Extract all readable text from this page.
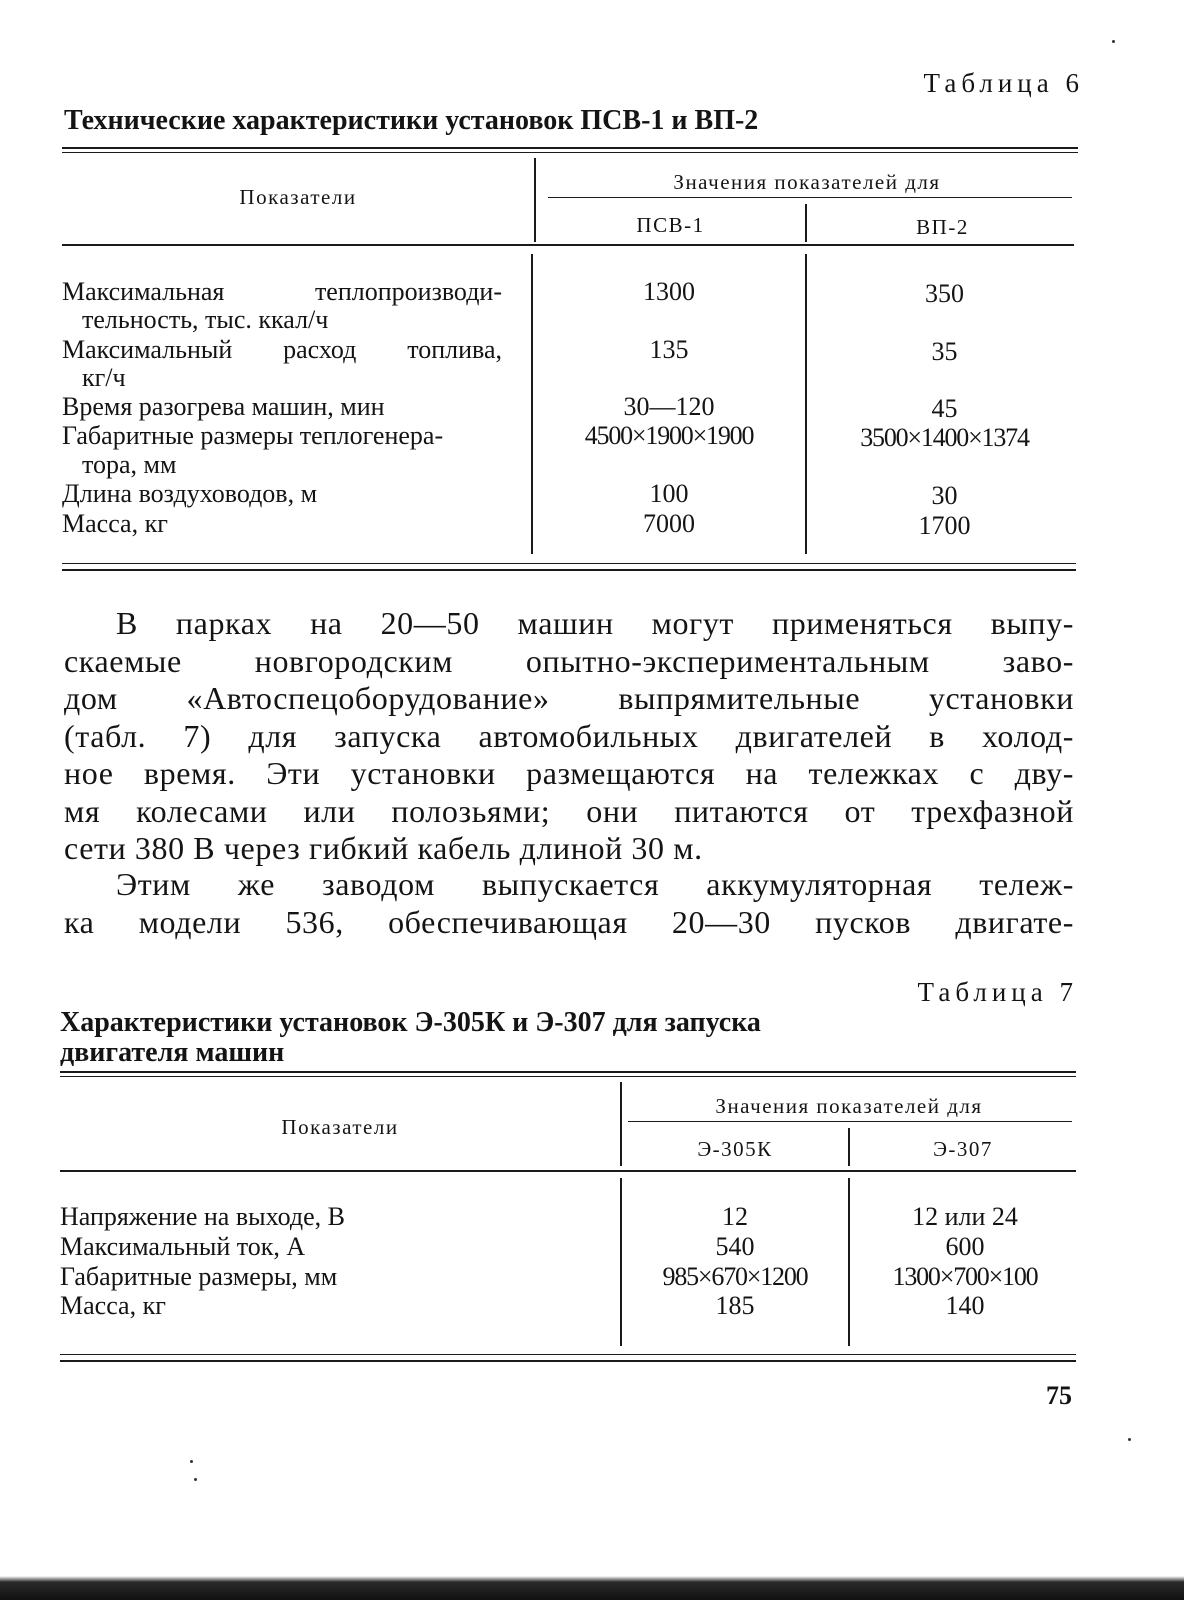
Таблица 6
Технические характеристики установок ПСВ-1 и ВП-2
Показатели
Значения показателей для
ПСВ-1	ВП-2
Максимальная теплопроизводи-
тельность, тыс. ккал/ч
1300	350
Максимальный расход топлива,
кг/ч
135	35
Время разогрева машин, мин	30—120	45
Габаритные размеры теплогенера-
тора, мм
4500×1900×1900	3500×1400×1374
Длина воздуховодов, м	100	30
Масса, кг	7000	1700
В парках на 20—50 машин могут применяться выпу-
скаемые новгородским опытно-экспериментальным заво-
дом «Автоспецоборудование» выпрямительные установки
(табл. 7) для запуска автомобильных двигателей в холод-
ное время. Эти установки размещаются на тележках с дву-
мя колесами или полозьями; они питаются от трехфазной
сети 380 В через гибкий кабель длиной 30 м.
Этим же заводом выпускается аккумуляторная тележ-
ка модели 536, обеспечивающая 20—30 пусков двигате-
Таблица 7
Характеристики установок Э-305К и Э-307 для запуска
двигателя машин
Показатели
Значения показателей для
Э-305К	Э-307
Напряжение на выходе, В	12	12 или 24
Максимальный ток, А	540	600
Габаритные размеры, мм	985×670×1200	1300×700×100
Масса, кг	185	140
75
